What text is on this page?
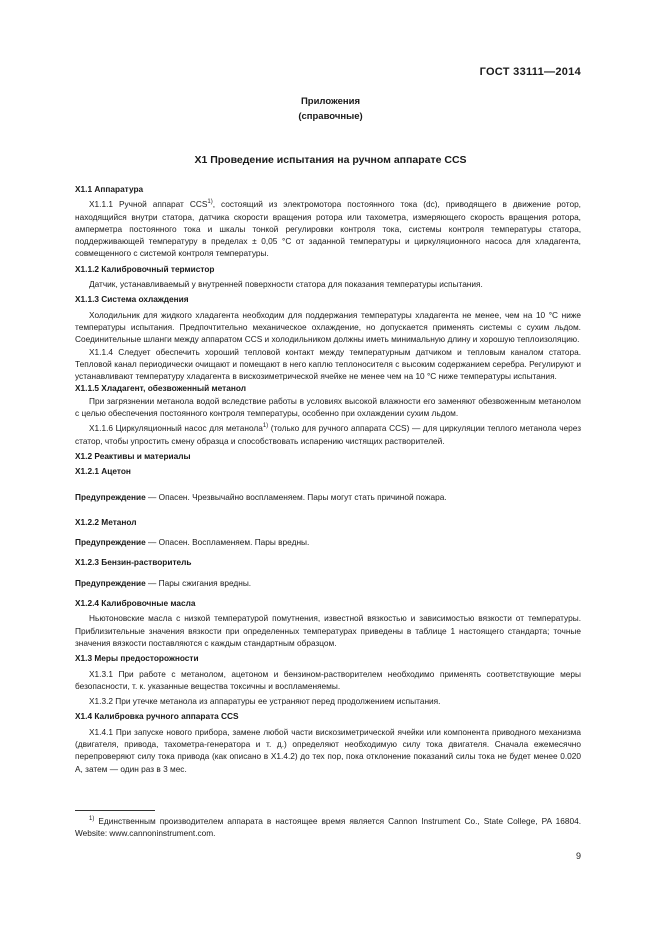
ГОСТ 33111—2014
Приложения
(справочные)
X1 Проведение испытания на ручном аппарате CCS

X1.1 Аппаратура

X1.1.1 Ручной аппарат CCS$^{1)}$, состоящий из электромотора постоянного тока (dc), приводящего в движение ротор, находящийся внутри статора, датчика скорости вращения ротора или тахометра, измеряющего скорость вращения ротора, амперметра постоянного тока и шкалы тонкой регулировки контроля тока, системы контроля температуры статора, поддерживающей температуру в пределах ± 0,05 °С от заданной температуры и циркуляционного насоса для хладагента, совмещенного с системой контроля температуры.

X1.1.2 Калибровочный термистор

Датчик, устанавливаемый у внутренней поверхности статора для показания температуры испытания.

X1.1.3 Система охлаждения

Холодильник для жидкого хладагента необходим для поддержания температуры хладагента не менее, чем на 10 °С ниже температуры испытания. Предпочтительно механическое охлаждение, но допускается применять системы с сухим льдом. Соединительные шланги между аппаратом CCS и холодильником должны иметь минимальную длину и хорошую теплоизоляцию.

X1.1.4 Следует обеспечить хороший тепловой контакт между температурным датчиком и тепловым каналом статора. Тепловой канал периодически очищают и помещают в него каплю теплоносителя с высоким содержанием серебра. Регулируют и устанавливают температуру хладагента в вискозиметрической ячейке не менее чем на 10 °С ниже температуры испытания.

X1.1.5 Хладагент, обезвоженный метанол

При загрязнении метанола водой вследствие работы в условиях высокой влажности его заменяют обезвоженным метанолом с целью обеспечения постоянного контроля температуры, особенно при охлаждении сухим льдом.

X1.1.6 Циркуляционный насос для метанола$^{1)}$ (только для ручного аппарата CCS) — для циркуляции теплого метанола через статор, чтобы упростить смену образца и способствовать испарению чистящих растворителей.

X1.2 Реактивы и материалы

X1.2.1 Ацетон

Предупреждение — Опасен. Чрезвычайно воспламеняем. Пары могут стать причиной пожара.

X1.2.2 Метанол

Предупреждение — Опасен. Воспламеняем. Пары вредны.

X1.2.3 Бензин-растворитель

Предупреждение — Пары сжигания вредны.

X1.2.4 Калибровочные масла

Ньютоновские масла с низкой температурой помутнения, известной вязкостью и зависимостью вязкости от температуры. Приблизительные значения вязкости при определенных температурах приведены в таблице 1 настоящего стандарта; точные значения вязкости поставляются с каждым стандартным образцом.

X1.3 Меры предосторожности

X1.3.1 При работе с метанолом, ацетоном и бензином-растворителем необходимо применять соответствующие меры безопасности, т. к. указанные вещества токсичны и воспламеняемы.

X1.3.2 При утечке метанола из аппаратуры ее устраняют перед продолжением испытания.

X1.4 Калибровка ручного аппарата CCS

X1.4.1 При запуске нового прибора, замене любой части вискозиметрической ячейки или компонента приводного механизма (двигателя, привода, тахометра-генератора и т. д.) определяют необходимую силу тока двигателя. Сначала ежемесячно перепроверяют силу тока привода (как описано в X1.4.2) до тех пор, пока отклонение показаний силы тока не будет менее 0.020 А, затем — один раз в 3 мес.

$^{1)}$ Единственным производителем аппарата в настоящее время является Cannon Instrument Co., State College, PA 16804. Website: www.cannoninstrument.com.
9
